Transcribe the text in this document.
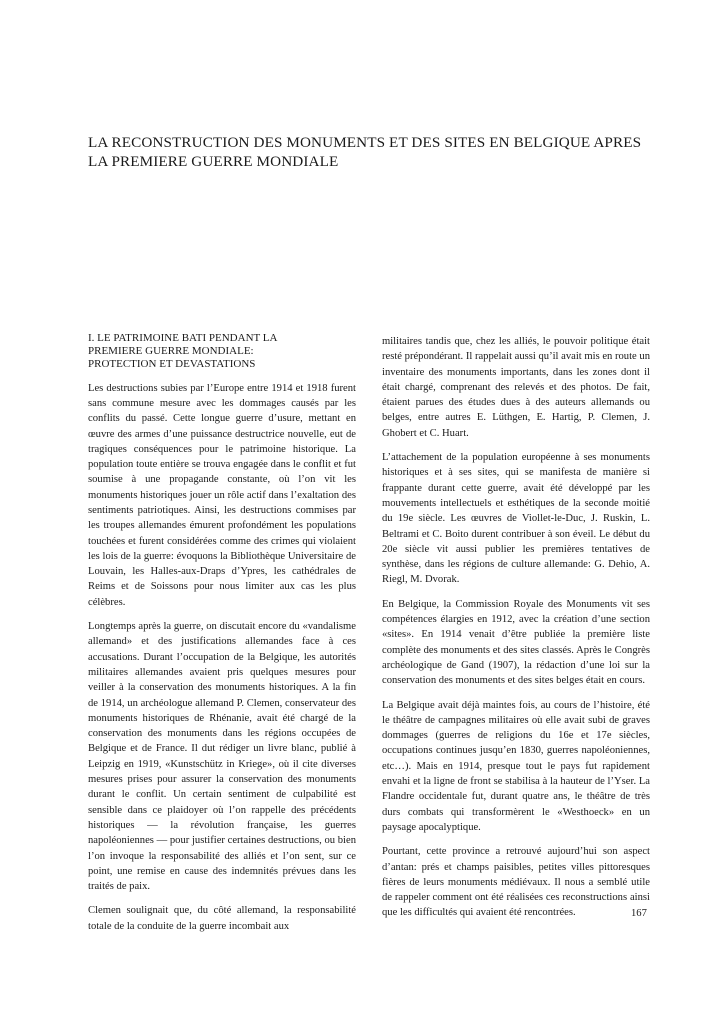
LA RECONSTRUCTION DES MONUMENTS ET DES SITES EN BELGIQUE APRES
LA PREMIERE GUERRE MONDIALE
I. LE PATRIMOINE BATI PENDANT LA
PREMIERE GUERRE MONDIALE:
PROTECTION ET DEVASTATIONS

Les destructions subies par l’Europe entre 1914 et 1918 furent sans commune mesure avec les dommages causés par les conflits du passé. Cette longue guerre d’usure, mettant en œuvre des armes d’une puissance destructrice nouvelle, eut de tragiques conséquences pour le patrimoine historique. La population toute entière se trouva engagée dans le conflit et fut soumise à une propagande constante, où l’on vit les monuments historiques jouer un rôle actif dans l’exaltation des sentiments patriotiques. Ainsi, les destructions commises par les troupes allemandes émurent profondément les populations touchées et furent considérées comme des crimes qui violaient les lois de la guerre: évoquons la Bibliothèque Universitaire de Louvain, les Halles-aux-Draps d’Ypres, les cathédrales de Reims et de Soissons pour nous limiter aux cas les plus célèbres.

Longtemps après la guerre, on discutait encore du «vandalisme allemand» et des justifications allemandes face à ces accusations. Durant l’occupation de la Belgique, les autorités militaires allemandes avaient pris quelques mesures pour veiller à la conservation des monuments historiques. A la fin de 1914, un archéologue allemand P. Clemen, conservateur des monuments historiques de Rhénanie, avait été chargé de la conservation des monuments dans les régions occupées de Belgique et de France. Il dut rédiger un livre blanc, publié à Leipzig en 1919, «Kunstschütz in Kriege», où il cite diverses mesures prises pour assurer la conservation des monuments durant le conflit. Un certain sentiment de culpabilité est sensible dans ce plaidoyer où l’on rappelle des précédents historiques — la révolution française, les guerres napoléoniennes — pour justifier certaines destructions, ou bien l’on invoque la responsabilité des alliés et l’on sent, sur ce point, une remise en cause des indemnités prévues dans les traités de paix.

Clemen soulignait que, du côté allemand, la responsabilité totale de la conduite de la guerre incombait aux

militaires tandis que, chez les alliés, le pouvoir politique était resté prépondérant. Il rappelait aussi qu’il avait mis en route un inventaire des monuments importants, dans les zones dont il était chargé, comprenant des relevés et des photos. De fait, étaient parues des études dues à des auteurs allemands ou belges, entre autres E. Lüthgen, E. Hartig, P. Clemen, J. Ghobert et C. Huart.

L’attachement de la population européenne à ses monuments historiques et à ses sites, qui se manifesta de manière si frappante durant cette guerre, avait été développé par les mouvements intellectuels et esthétiques de la seconde moitié du 19e siècle. Les œuvres de Viollet-le-Duc, J. Ruskin, L. Beltrami et C. Boito durent contribuer à son éveil. Le début du 20e siècle vit aussi publier les premières tentatives de synthèse, dans les régions de culture allemande: G. Dehio, A. Riegl, M. Dvorak.

En Belgique, la Commission Royale des Monuments vit ses compétences élargies en 1912, avec la création d’une section «sites». En 1914 venait d’être publiée la première liste complète des monuments et des sites classés. Après le Congrès archéologique de Gand (1907), la rédaction d’une loi sur la conservation des monuments et des sites belges était en cours.

La Belgique avait déjà maintes fois, au cours de l’histoire, été le théâtre de campagnes militaires où elle avait subi de graves dommages (guerres de religions du 16e et 17e siècles, occupations continues jusqu’en 1830, guerres napoléoniennes, etc…). Mais en 1914, presque tout le pays fut rapidement envahi et la ligne de front se stabilisa à la hauteur de l’Yser. La Flandre occidentale fut, durant quatre ans, le théâtre de très durs combats qui transformèrent le «Westhoeck» en un paysage apocalyptique.

Pourtant, cette province a retrouvé aujourd’hui son aspect d’antan: prés et champs paisibles, petites villes pittoresques fières de leurs monuments médiévaux. Il nous a semblé utile de rappeler comment ont été réalisées ces reconstructions ainsi que les difficultés qui avaient été rencontrées.	167
